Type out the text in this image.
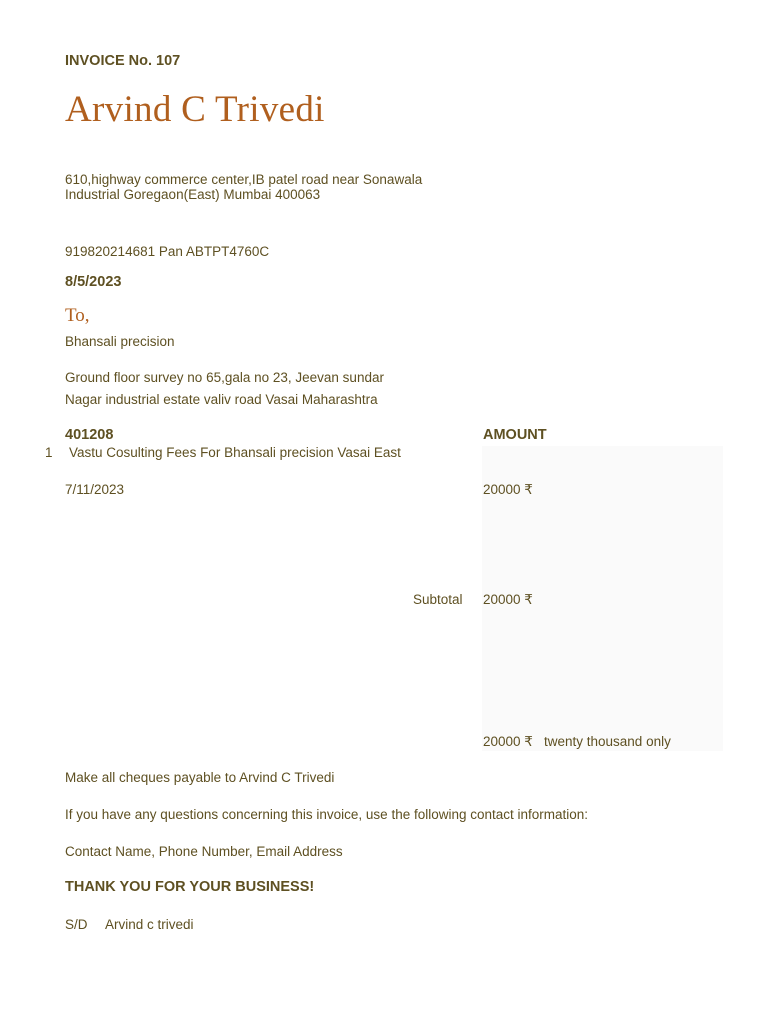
INVOICE No. 107
Arvind C Trivedi
610,highway commerce center,IB patel road near Sonawala
Industrial Goregaon(East) Mumbai 400063
919820214681 Pan ABTPT4760C
8/5/2023
To,
Bhansali precision
Ground floor survey no 65,gala no 23, Jeevan sundar
Nagar industrial estate valiv road Vasai Maharashtra
401208	AMOUNT
1 Vastu Cosulting Fees For Bhansali precision Vasai East
7/11/2023	20000 ₹
Subtotal 20000 ₹
20000 ₹ twenty thousand only
Make all cheques payable to Arvind C Trivedi
If you have any questions concerning this invoice, use the following contact information:
Contact Name, Phone Number, Email Address
THANK YOU FOR YOUR BUSINESS!
S/D Arvind c trivedi
